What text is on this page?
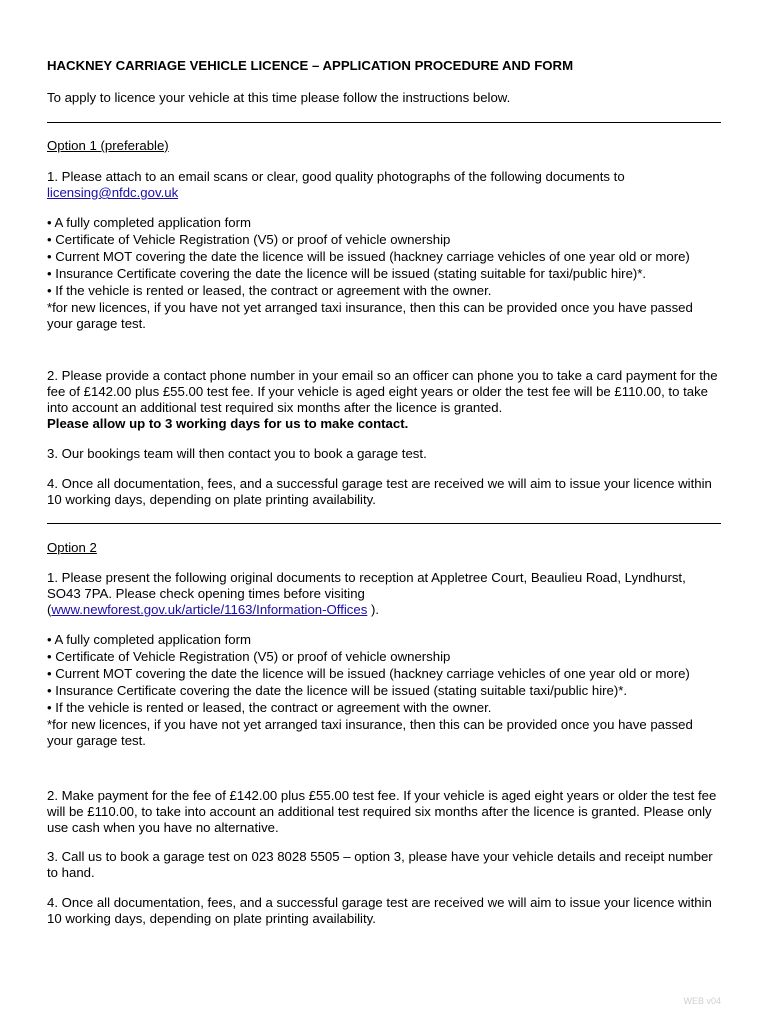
HACKNEY CARRIAGE VEHICLE LICENCE – APPLICATION PROCEDURE AND FORM

To apply to licence your vehicle at this time please follow the instructions below.

Option 1 (preferable)

1. Please attach to an email scans or clear, good quality photographs of the following documents to
licensing@nfdc.gov.uk

• A fully completed application form

• Certificate of Vehicle Registration (V5) or proof of vehicle ownership

• Current MOT covering the date the licence will be issued (hackney carriage vehicles of one year old or more)

• Insurance Certificate covering the date the licence will be issued (stating suitable for taxi/public hire)*.

• If the vehicle is rented or leased, the contract or agreement with the owner.

*for new licences, if you have not yet arranged taxi insurance, then this can be provided once you have passed your garage test.

2. Please provide a contact phone number in your email so an officer can phone you to take a card payment for the fee of £142.00 plus £55.00 test fee. If your vehicle is aged eight years or older the test fee will be £110.00, to take into account an additional test required six months after the licence is granted.
Please allow up to 3 working days for us to make contact.

3. Our bookings team will then contact you to book a garage test.

4. Once all documentation, fees, and a successful garage test are received we will aim to issue your licence within 10 working days, depending on plate printing availability.

Option 2

1. Please present the following original documents to reception at Appletree Court, Beaulieu Road, Lyndhurst, SO43 7PA. Please check opening times before visiting
(www.newforest.gov.uk/article/1163/Information-Offices ).

• A fully completed application form

• Certificate of Vehicle Registration (V5) or proof of vehicle ownership

• Current MOT covering the date the licence will be issued (hackney carriage vehicles of one year old or more)

• Insurance Certificate covering the date the licence will be issued (stating suitable taxi/public hire)*.

• If the vehicle is rented or leased, the contract or agreement with the owner.

*for new licences, if you have not yet arranged taxi insurance, then this can be provided once you have passed your garage test.

2. Make payment for the fee of £142.00 plus £55.00 test fee. If your vehicle is aged eight years or older the test fee will be £110.00, to take into account an additional test required six months after the licence is granted. Please only use cash when you have no alternative.

3. Call us to book a garage test on 023 8028 5505 – option 3, please have your vehicle details and receipt number to hand.

4. Once all documentation, fees, and a successful garage test are received we will aim to issue your licence within 10 working days, depending on plate printing availability.

WEB v04
